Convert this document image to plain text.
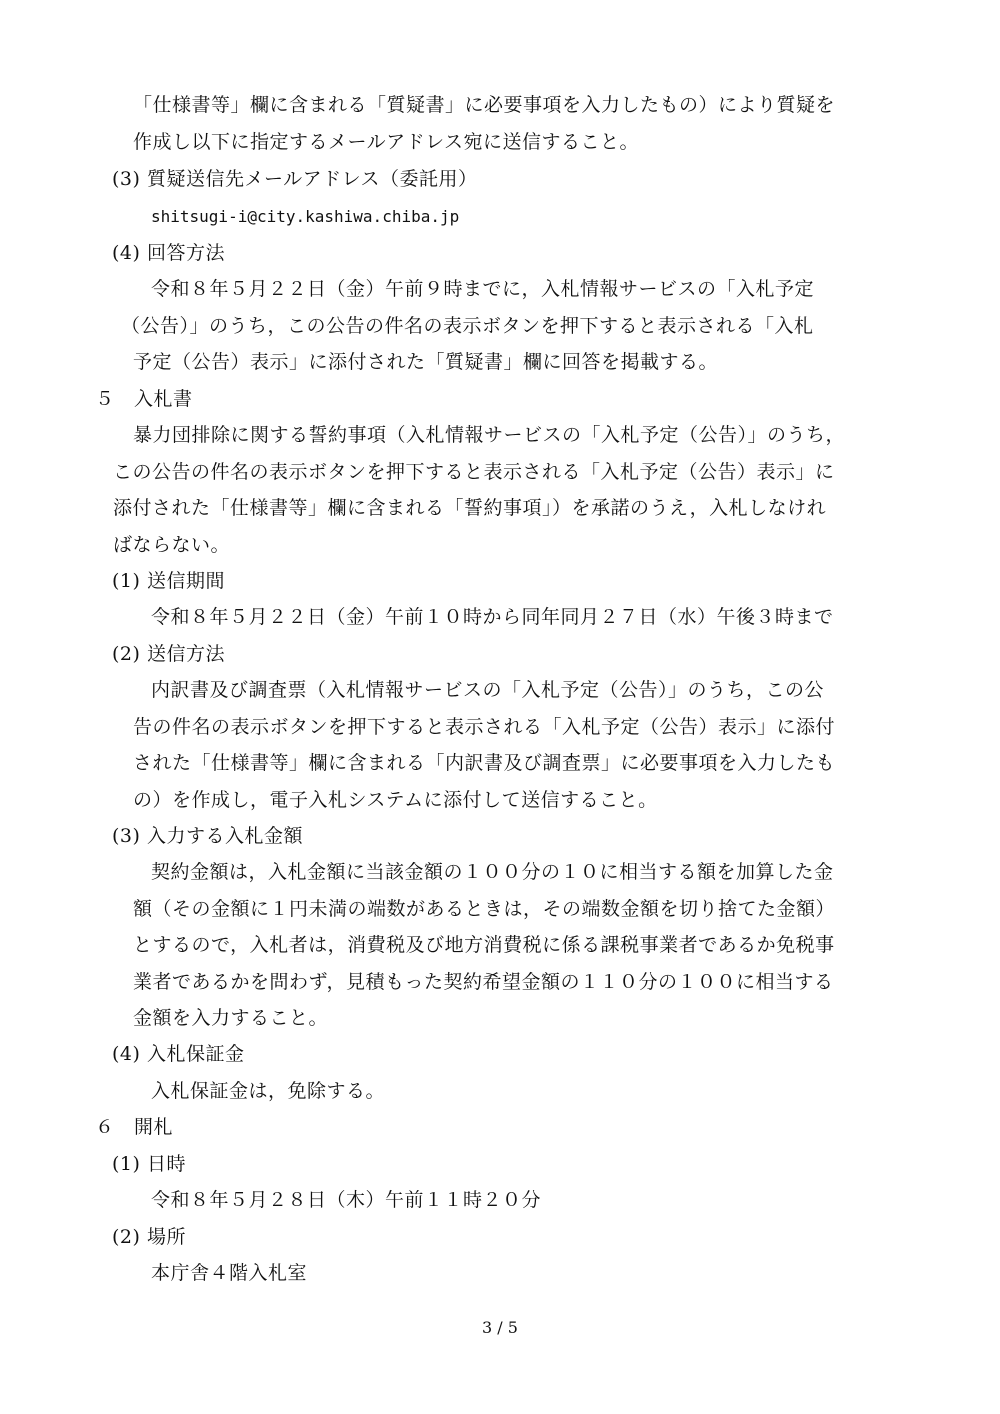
「仕様書等」欄に含まれる「質疑書」に必要事項を入力したもの）により質疑を
作成し以下に指定するメールアドレス宛に送信すること。
(3) 質疑送信先メールアドレス（委託用）
shitsugi-i@city.kashiwa.chiba.jp
(4) 回答方法
令和８年５月２２日（金）午前９時までに，入札情報サービスの「入札予定
（公告）」のうち，この公告の件名の表示ボタンを押下すると表示される「入札
予定（公告）表示」に添付された「質疑書」欄に回答を掲載する。
５　入札書
暴力団排除に関する誓約事項（入札情報サービスの「入札予定（公告）」のうち，
この公告の件名の表示ボタンを押下すると表示される「入札予定（公告）表示」に
添付された「仕様書等」欄に含まれる「誓約事項」）を承諾のうえ，入札しなけれ
ばならない。
(1) 送信期間
令和８年５月２２日（金）午前１０時から同年同月２７日（水）午後３時まで
(2) 送信方法
内訳書及び調査票（入札情報サービスの「入札予定（公告）」のうち，この公
告の件名の表示ボタンを押下すると表示される「入札予定（公告）表示」に添付
された「仕様書等」欄に含まれる「内訳書及び調査票」に必要事項を入力したも
の）を作成し，電子入札システムに添付して送信すること。
(3) 入力する入札金額
契約金額は，入札金額に当該金額の１００分の１０に相当する額を加算した金
額（その金額に１円未満の端数があるときは，その端数金額を切り捨てた金額）
とするので，入札者は，消費税及び地方消費税に係る課税事業者であるか免税事
業者であるかを問わず，見積もった契約希望金額の１１０分の１００に相当する
金額を入力すること。
(4) 入札保証金
入札保証金は，免除する。
６　開札
(1) 日時
令和８年５月２８日（木）午前１１時２０分
(2) 場所
本庁舎４階入札室
3 / 5
